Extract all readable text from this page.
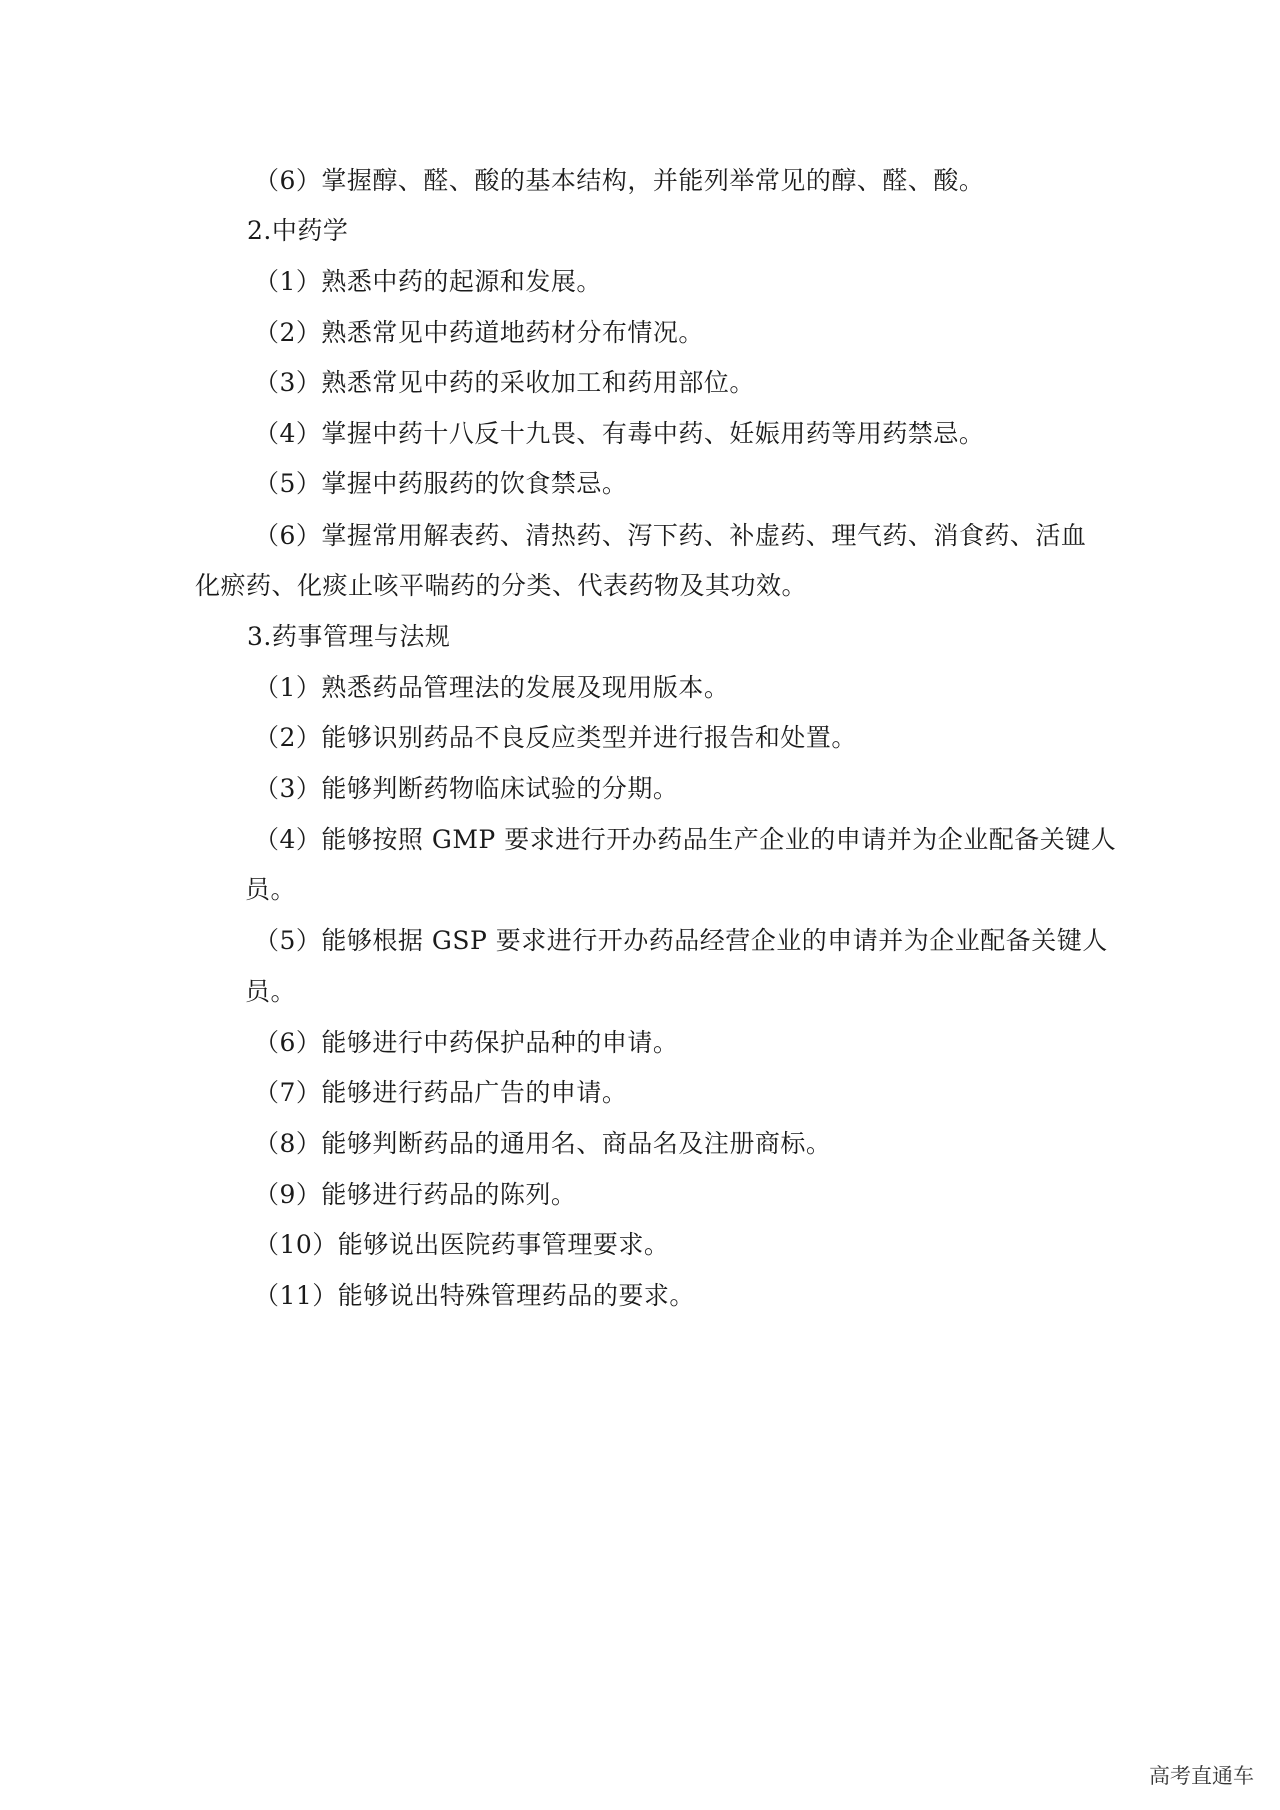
（6）掌握醇、醛、酸的基本结构，并能列举常见的醇、醛、酸。
2.中药学
（1）熟悉中药的起源和发展。
（2）熟悉常见中药道地药材分布情况。
（3）熟悉常见中药的采收加工和药用部位。
（4）掌握中药十八反十九畏、有毒中药、妊娠用药等用药禁忌。
（5）掌握中药服药的饮食禁忌。
（6）掌握常用解表药、清热药、泻下药、补虚药、理气药、消食药、活血
化瘀药、化痰止咳平喘药的分类、代表药物及其功效。
3.药事管理与法规
（1）熟悉药品管理法的发展及现用版本。
（2）能够识别药品不良反应类型并进行报告和处置。
（3）能够判断药物临床试验的分期。
（4）能够按照 GMP 要求进行开办药品生产企业的申请并为企业配备关键人
员。
（5）能够根据 GSP 要求进行开办药品经营企业的申请并为企业配备关键人
员。
（6）能够进行中药保护品种的申请。
（7）能够进行药品广告的申请。
（8）能够判断药品的通用名、商品名及注册商标。
（9）能够进行药品的陈列。
（10）能够说出医院药事管理要求。
（11）能够说出特殊管理药品的要求。
高考直通车
